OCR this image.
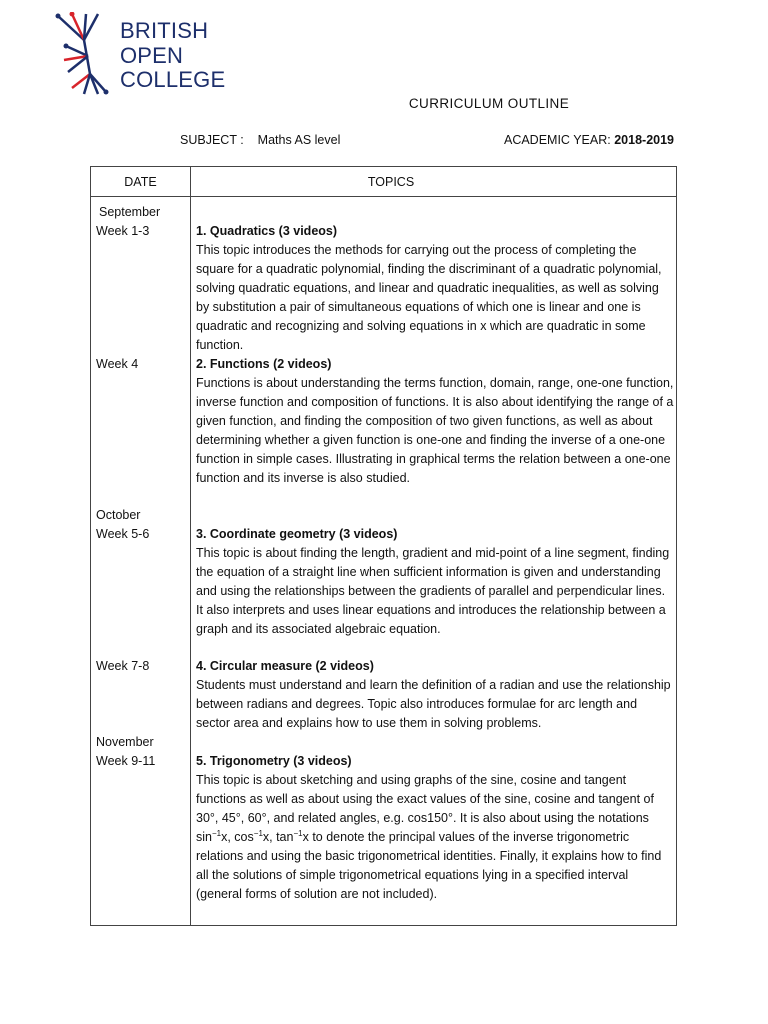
BRITISH
OPEN
COLLEGE
CURRICULUM OUTLINE
SUBJECT : Maths AS level	ACADEMIC YEAR: 2018-2019
DATE	TOPICS
September
Week 1-3	1. Quadratics (3 videos)
This topic introduces the methods for carrying out the process of completing the square for a quadratic polynomial, finding the discriminant of a quadratic polynomial, solving quadratic equations, and linear and quadratic inequalities, as well as solving by substitution a pair of simultaneous equations of which one is linear and one is quadratic and recognizing and solving equations in x which are quadratic in some function.
Week 4	2. Functions (2 videos)
Functions is about understanding the terms function, domain, range, one-one function, inverse function and composition of functions. It is also about identifying the range of a given function, and finding the composition of two given functions, as well as about determining whether a given function is one-one and finding the inverse of a one-one function in simple cases. Illustrating in graphical terms the relation between a one-one function and its inverse is also studied.
October
Week 5-6	3. Coordinate geometry (3 videos)
This topic is about finding the length, gradient and mid-point of a line segment, finding the equation of a straight line when sufficient information is given and understanding and using the relationships between the gradients of parallel and perpendicular lines. It also interprets and uses linear equations and introduces the relationship between a graph and its associated algebraic equation.
Week 7-8	4. Circular measure (2 videos)
Students must understand and learn the definition of a radian and use the relationship between radians and degrees. Topic also introduces formulae for arc length and sector area and explains how to use them in solving problems.
November
Week 9-11	5. Trigonometry (3 videos)
This topic is about sketching and using graphs of the sine, cosine and tangent functions as well as about using the exact values of the sine, cosine and tangent of 30°, 45°, 60°, and related angles, e.g. cos150°. It is also about using the notations $\sin^{-1}x$, $\cos^{-1}x$, $\tan^{-1}x$ to denote the principal values of the inverse trigonometric relations and using the basic trigonometrical identities. Finally, it explains how to find all the solutions of simple trigonometrical equations lying in a specified interval (general forms of solution are not included).
